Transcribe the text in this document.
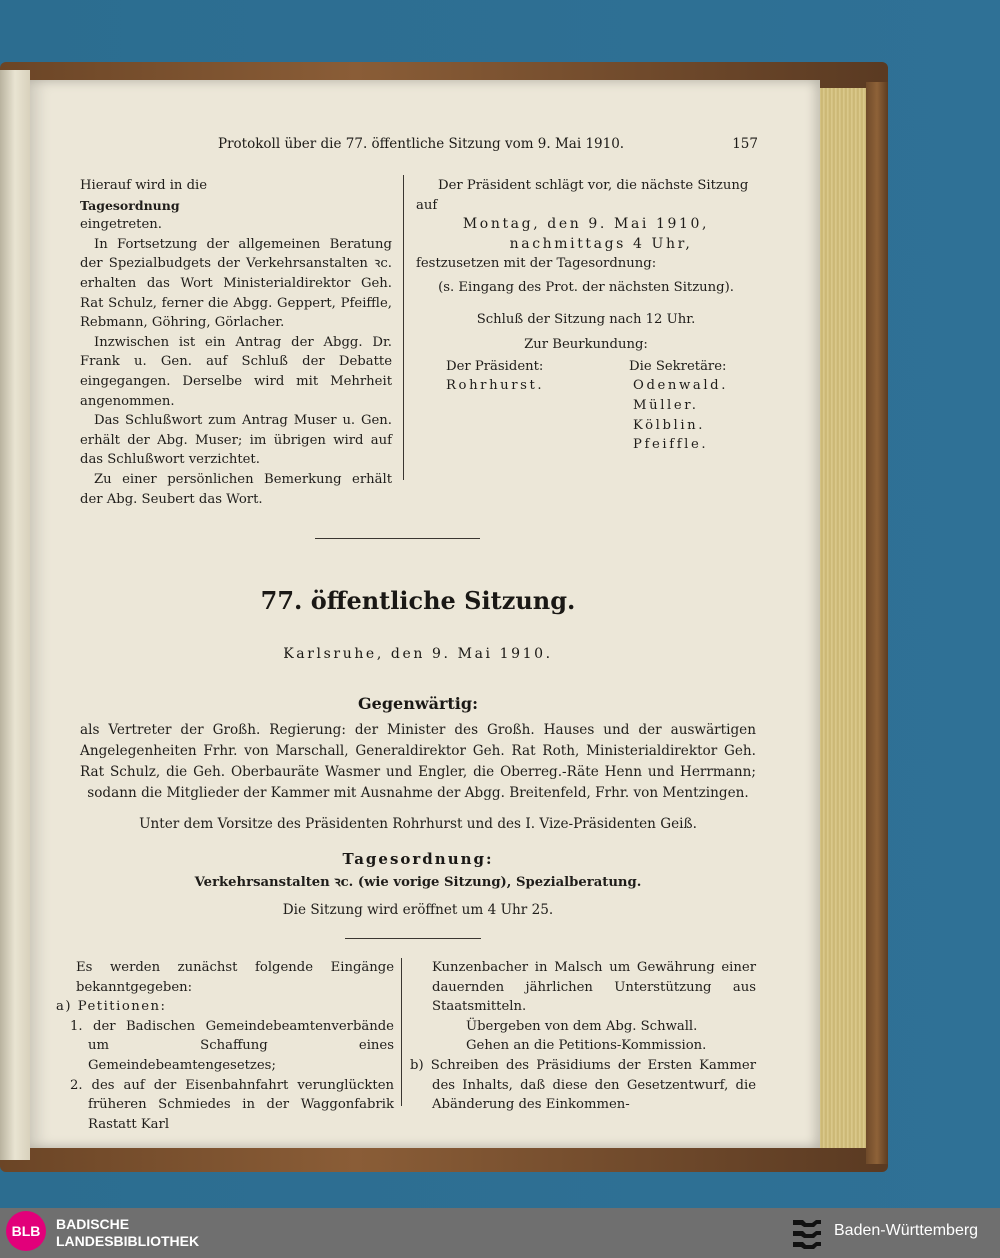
Protokoll über die 77. öffentliche Sitzung vom 9. Mai 1910.	157

Hierauf wird in die

Tagesordnung

eingetreten.

In Fortsetzung der allgemeinen Beratung der Spezialbudgets der Verkehrsanstalten ꝛc. erhalten das Wort Ministerialdirektor Geh. Rat Schulz, ferner die Abgg. Geppert, Pfeiffle, Rebmann, Göhring, Görlacher.

Inzwischen ist ein Antrag der Abgg. Dr. Frank u. Gen. auf Schluß der Debatte eingegangen. Derselbe wird mit Mehrheit angenommen.

Das Schlußwort zum Antrag Muser u. Gen. erhält der Abg. Muser; im übrigen wird auf das Schlußwort verzichtet.

Zu einer persönlichen Bemerkung erhält der Abg. Seubert das Wort.

Der Präsident schlägt vor, die nächste Sitzung auf

Montag, den 9. Mai 1910,

nachmittags 4 Uhr,

festzusetzen mit der Tagesordnung:

(s. Eingang des Prot. der nächsten Sitzung).

Schluß der Sitzung nach 12 Uhr.

Zur Beurkundung:

Der Präsident:

Rohrhurst.

Die Sekretäre:

Odenwald.

Müller.

Kölblin.

Pfeiffle.

77. öffentliche Sitzung.
Karlsruhe, den 9. Mai 1910.
Gegenwärtig:
als Vertreter der Großh. Regierung: der Minister des Großh. Hauses und der auswärtigen Angelegenheiten Frhr. von Marschall, Generaldirektor Geh. Rat Roth, Ministerialdirektor Geh. Rat Schulz, die Geh. Oberbauräte Wasmer und Engler, die Oberreg.-Räte Henn und Herrmann; sodann die Mitglieder der Kammer mit Ausnahme der Abgg. Breitenfeld, Frhr. von Mentzingen.
Unter dem Vorsitze des Präsidenten Rohrhurst und des I. Vize-Präsidenten Geiß.
Tagesordnung:
Verkehrsanstalten ꝛc. (wie vorige Sitzung), Spezialberatung.
Die Sitzung wird eröffnet um 4 Uhr 25.

Es werden zunächst folgende Eingänge bekanntgegeben:

a) Petitionen:

1. der Badischen Gemeindebeamtenverbände um Schaffung eines Gemeindebeamtengesetzes;

2. des auf der Eisenbahnfahrt verunglückten früheren Schmiedes in der Waggonfabrik Rastatt Karl

Kunzenbacher in Malsch um Gewährung einer dauernden jährlichen Unterstützung aus Staatsmitteln.

Übergeben von dem Abg. Schwall.

Gehen an die Petitions-Kommission.

b) Schreiben des Präsidiums der Ersten Kammer des Inhalts, daß diese den Gesetzentwurf, die Abänderung des Einkommen-

BLB	BADISCHE
LANDESBIBLIOTHEK
Baden-Württemberg
